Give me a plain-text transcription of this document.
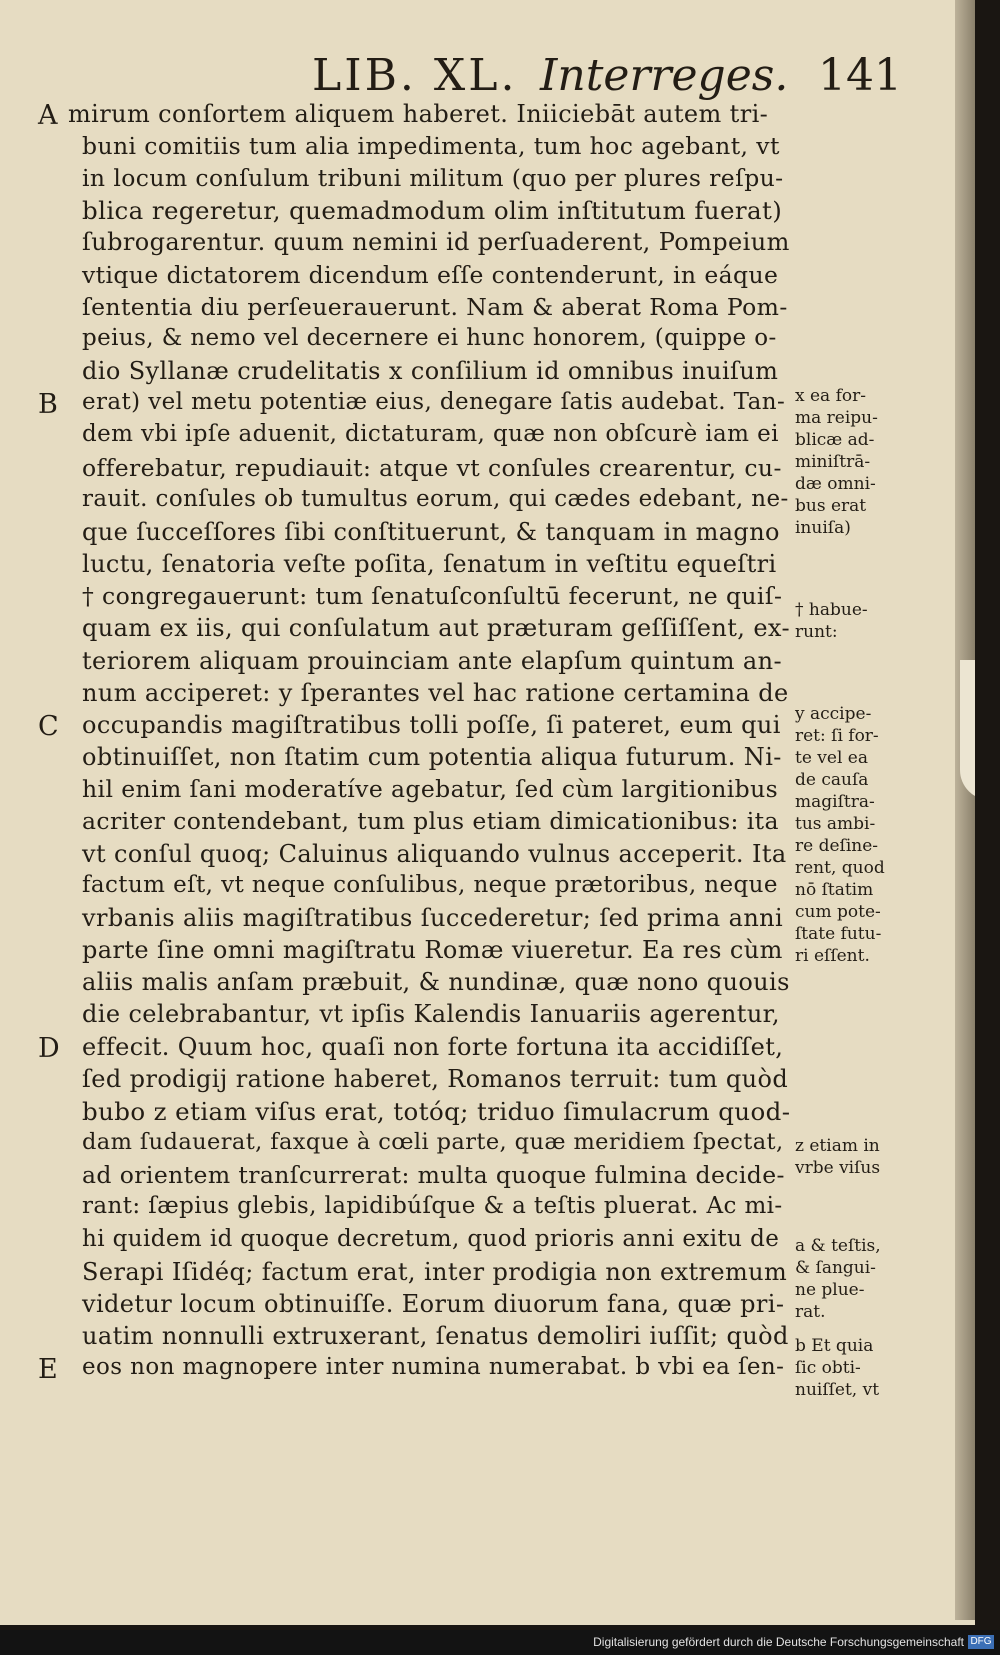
LIB. XL. Interreges. 141
mirum conſortem aliquem haberet. Iniiciebāt autem tri-
buni comitiis tum alia impedimenta, tum hoc agebant, vt
in locum conſulum tribuni militum (quo per plures reſpu-
blica regeretur, quemadmodum olim inſtitutum fuerat)
ſubrogarentur. quum nemini id perſuaderent, Pompeium
vtique dictatorem dicendum eſſe contenderunt, in eáque
ſententia diu perſeuerauerunt. Nam & aberat Roma Pom-
peius, & nemo vel decernere ei hunc honorem, (quippe o-
dio Syllanæ crudelitatis x conſilium id omnibus inuiſum
erat) vel metu potentiæ eius, denegare ſatis audebat. Tan-
dem vbi ipſe aduenit, dictaturam, quæ non obſcurè iam ei
offerebatur, repudiauit: atque vt conſules crearentur, cu-
rauit. conſules ob tumultus eorum, qui cædes edebant, ne-
que ſucceſſores ſibi conſtituerunt, & tanquam in magno
luctu, ſenatoria veſte poſita, ſenatum in veſtitu equeſtri
† congregauerunt: tum ſenatuſconſultū fecerunt, ne quiſ-
quam ex iis, qui conſulatum aut præturam geſſiſſent, ex-
teriorem aliquam prouinciam ante elapſum quintum an-
num acciperet: y ſperantes vel hac ratione certamina de
occupandis magiſtratibus tolli poſſe, ſi pateret, eum qui
obtinuiſſet, non ſtatim cum potentia aliqua futurum. Ni-
hil enim ſani moderatíve agebatur, ſed cùm largitionibus
acriter contendebant, tum plus etiam dimicationibus: ita
vt conſul quoq; Caluinus aliquando vulnus acceperit. Ita
factum eſt, vt neque conſulibus, neque prætoribus, neque
vrbanis aliis magiſtratibus ſuccederetur; ſed prima anni
parte ſine omni magiſtratu Romæ viueretur. Ea res cùm
aliis malis anſam præbuit, & nundinæ, quæ nono quouis
die celebrabantur, vt ipſis Kalendis Ianuariis agerentur,
effecit. Quum hoc, quaſi non forte fortuna ita accidiſſet,
ſed prodigij ratione haberet, Romanos terruit: tum quòd
bubo z etiam viſus erat, totóq; triduo ſimulacrum quod-
dam ſudauerat, faxque à cœli parte, quæ meridiem ſpectat,
ad orientem tranſcurrerat: multa quoque fulmina decide-
rant: ſæpius glebis, lapidibúſque & a teſtis pluerat. Ac mi-
hi quidem id quoque decretum, quod prioris anni exitu de
Serapi Iſidéq; factum erat, inter prodigia non extremum
videtur locum obtinuiſſe. Eorum diuorum fana, quæ pri-
uatim nonnulli extruxerant, ſenatus demoliri iuſſit; quòd
eos non magnopere inter numina numerabat. b vbi ea ſen-
A
B
C
D
E
x ea for-
ma reipu-
blicæ ad-
miniſtrā-
dæ omni-
bus erat
inuiſa)
† habue-
runt:
y accipe-
ret: ſi for-
te vel ea
de cauſa
magiſtra-
tus ambi-
re deſine-
rent, quod
nō ſtatim
cum pote-
ſtate futu-
ri eſſent.
z etiam in
vrbe viſus
a & teſtis,
& ſangui-
ne plue-
rat.
b Et quia
ſic obti-
nuiſſet, vt
Digitalisierung gefördert durch die Deutsche Forschungsgemeinschaft DFG
